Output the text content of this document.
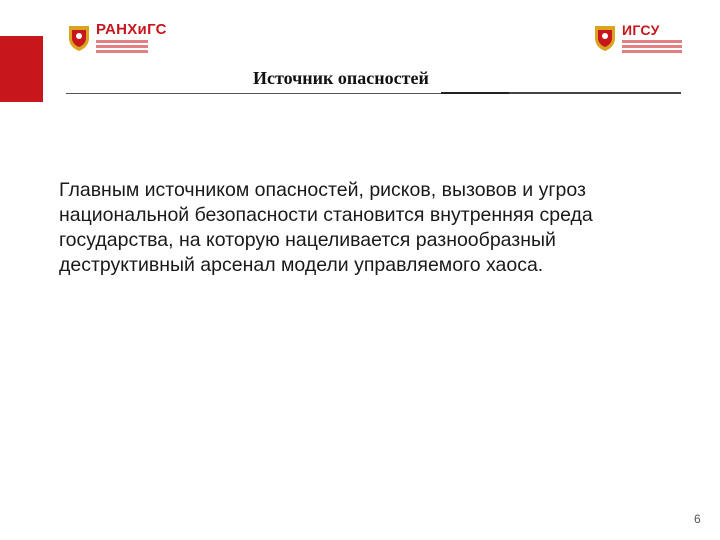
РАНХиГС	ИГСУ
Источник опасностей

Главным источником опасностей, рисков, вызовов и угроз национальной безопасности становится внутренняя среда государства, на которую нацеливается разнообразный деструктивный арсенал модели управляемого хаоса.

6
